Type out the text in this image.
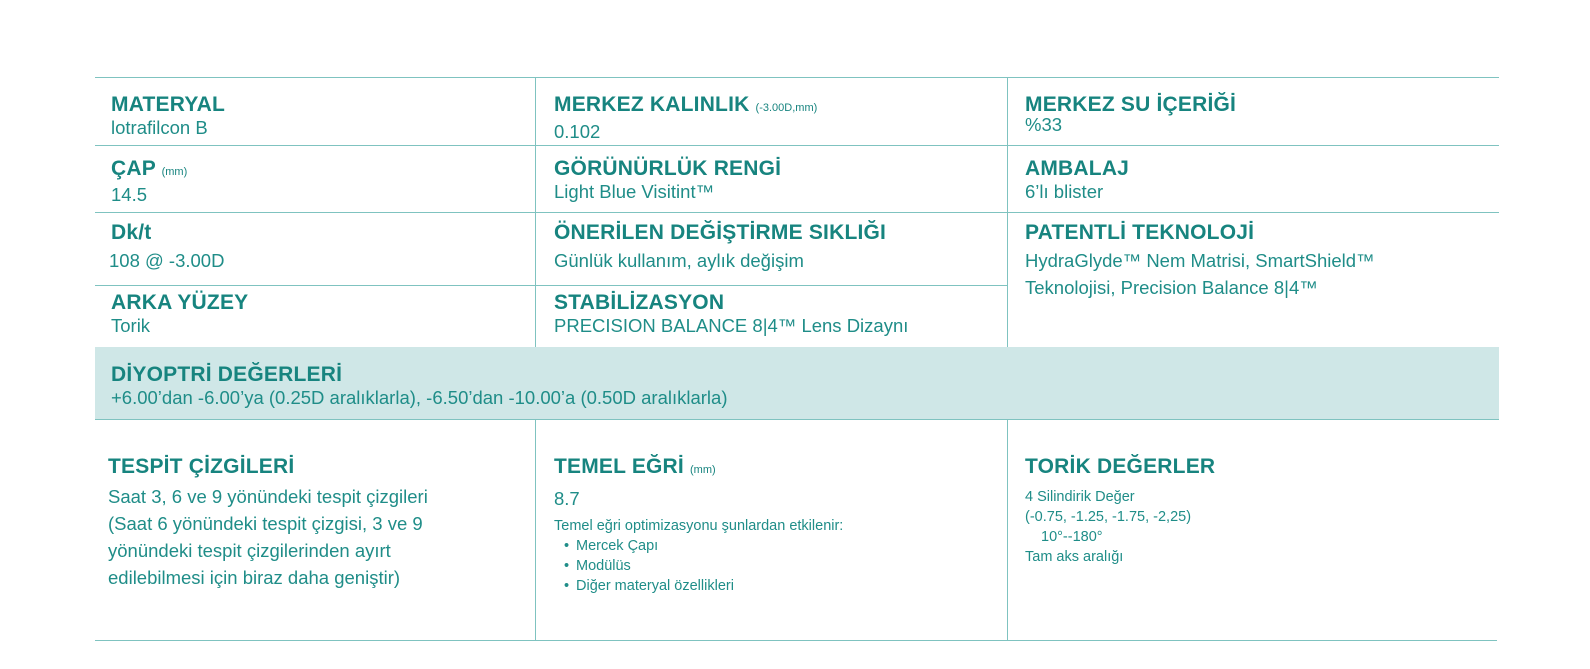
MATERYAL
lotrafilcon B
MERKEZ KALINLIK (-3.00D,mm)
0.102
MERKEZ SU İÇERİĞİ
%33
ÇAP (mm)
14.5
GÖRÜNÜRLÜK RENGİ
Light Blue Visitint™
AMBALAJ
6’lı blister
Dk/t
108 @ -3.00D
ÖNERİLEN DEĞİŞTİRME SIKLIĞI
Günlük kullanım, aylık değişim
PATENTLİ TEKNOLOJİ
HydraGlyde™ Nem Matrisi, SmartShield™
Teknolojisi, Precision Balance 8|4™
ARKA YÜZEY
Torik
STABİLİZASYON
PRECISION BALANCE 8|4™ Lens Dizaynı
DİYOPTRİ DEĞERLERİ
+6.00’dan -6.00’ya (0.25D aralıklarla), -6.50’dan -10.00’a (0.50D aralıklarla)
TESPİT ÇİZGİLERİ
Saat 3, 6 ve 9 yönündeki tespit çizgileri
(Saat 6 yönündeki tespit çizgisi, 3 ve 9
yönündeki tespit çizgilerinden ayırt
edilebilmesi için biraz daha geniştir)
TEMEL EĞRİ (mm)
8.7
Temel eğri optimizasyonu şunlardan etkilenir:
• Mercek Çapı
• Modülüs
• Diğer materyal özellikleri
TORİK DEĞERLER
4 Silindirik Değer
(-0.75, -1.25, -1.75, -2,25)
10°--180°
Tam aks aralığı
